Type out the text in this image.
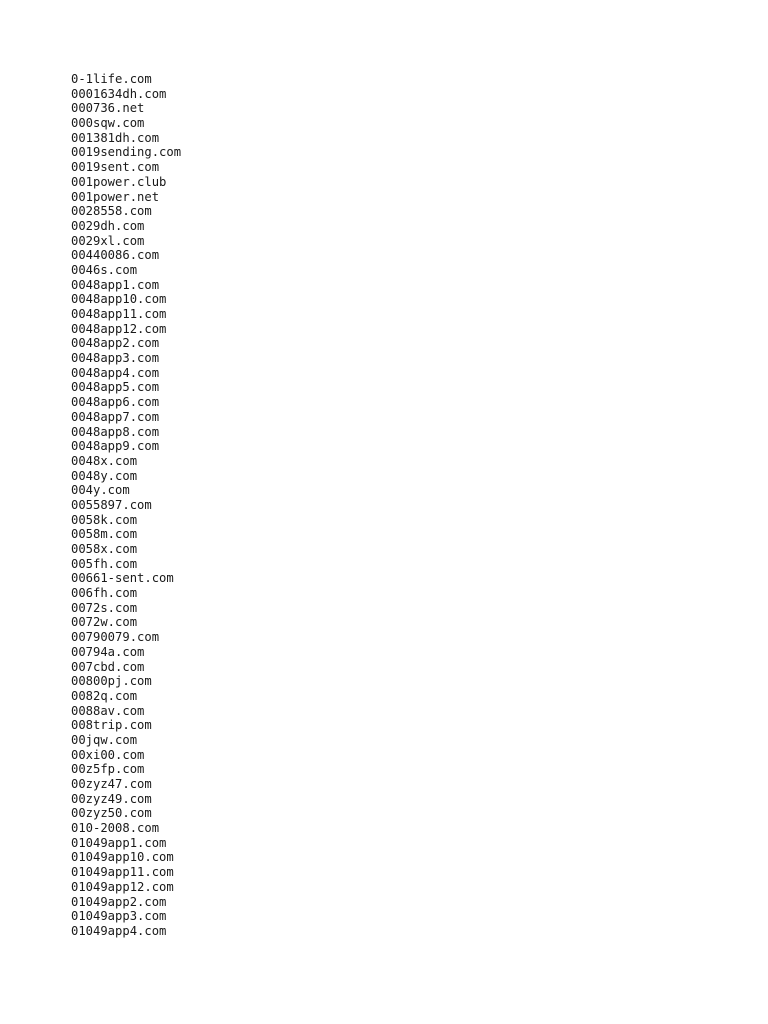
0-1life.com
0001634dh.com
000736.net
000sqw.com
001381dh.com
0019sending.com
0019sent.com
001power.club
001power.net
0028558.com
0029dh.com
0029xl.com
00440086.com
0046s.com
0048app1.com
0048app10.com
0048app11.com
0048app12.com
0048app2.com
0048app3.com
0048app4.com
0048app5.com
0048app6.com
0048app7.com
0048app8.com
0048app9.com
0048x.com
0048y.com
004y.com
0055897.com
0058k.com
0058m.com
0058x.com
005fh.com
00661-sent.com
006fh.com
0072s.com
0072w.com
00790079.com
00794a.com
007cbd.com
00800pj.com
0082q.com
0088av.com
008trip.com
00jqw.com
00xi00.com
00z5fp.com
00zyz47.com
00zyz49.com
00zyz50.com
010-2008.com
01049app1.com
01049app10.com
01049app11.com
01049app12.com
01049app2.com
01049app3.com
01049app4.com
